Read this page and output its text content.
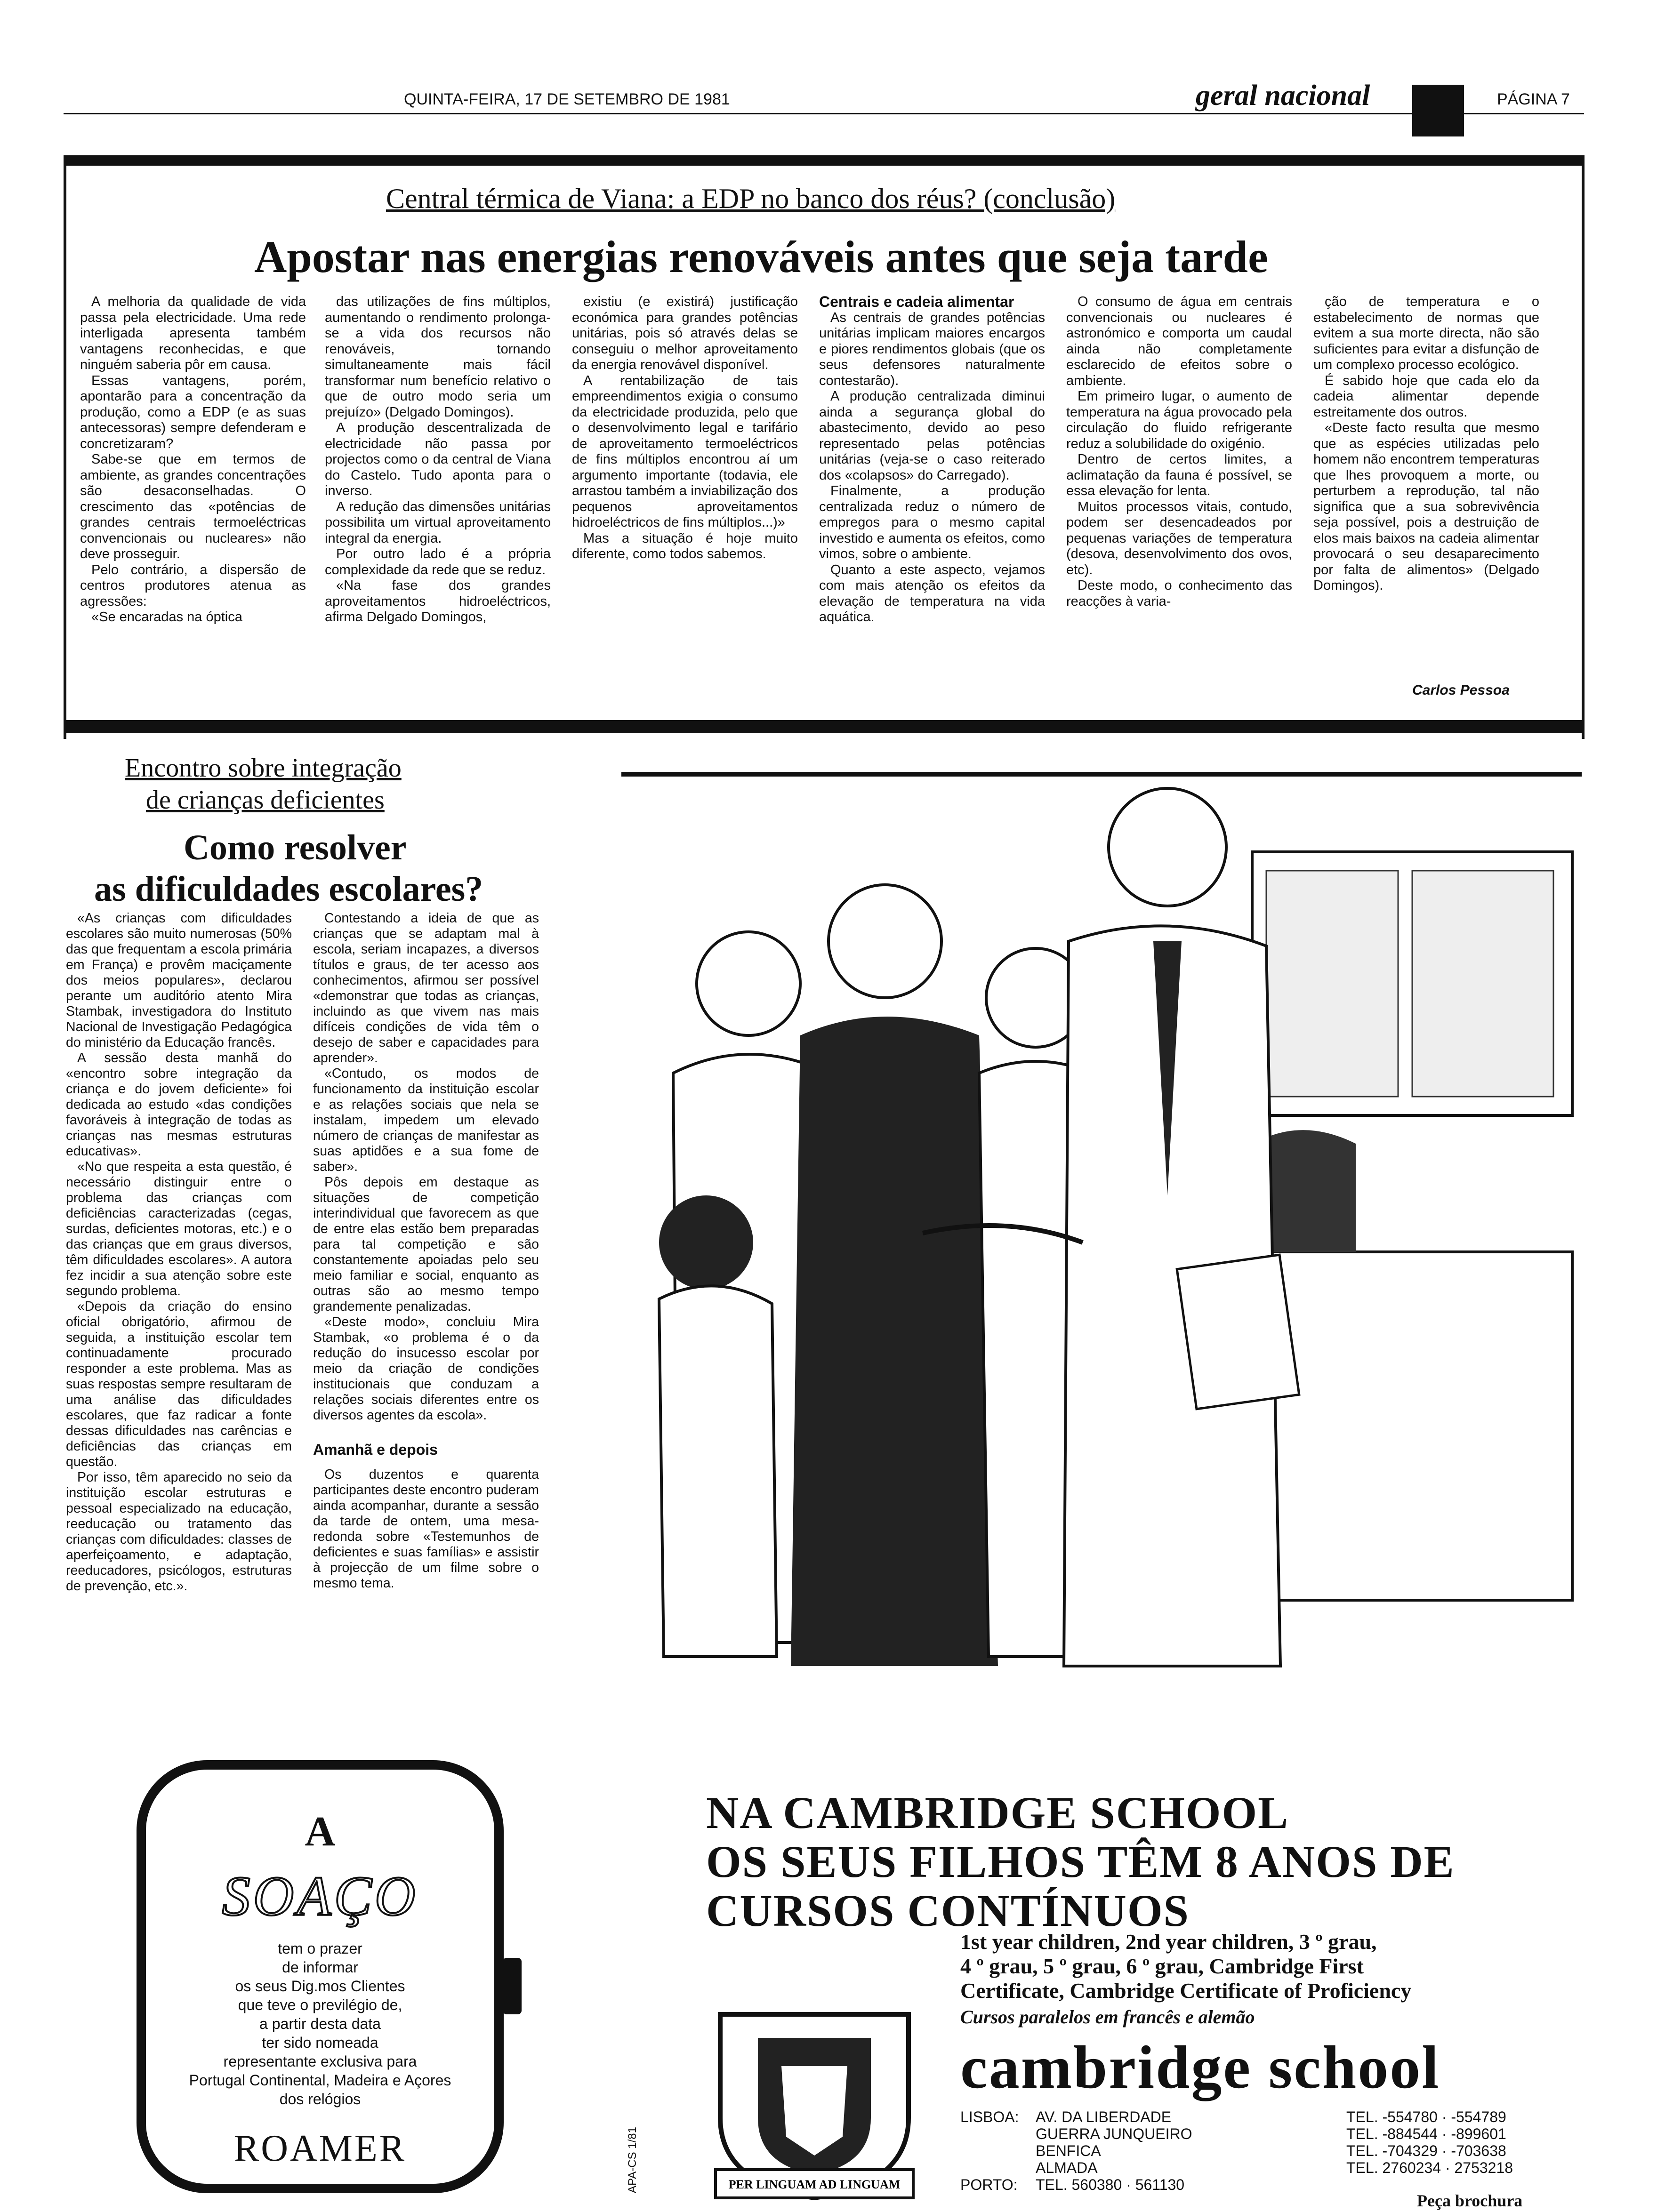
QUINTA-FEIRA, 17 DE SETEMBRO DE 1981	geral nacional	PÁGINA 7
Central térmica de Viana: a EDP no banco dos réus? (conclusão)
Apostar nas energias renováveis antes que seja tarde

A melhoria da qualidade de vida passa pela electricidade. Uma rede interligada apresenta também vantagens reconhecidas, e que ninguém saberia pôr em causa.

Essas vantagens, porém, apontarão para a concentração da produção, como a EDP (e as suas antecessoras) sempre defenderam e concretizaram?

Sabe-se que em termos de ambiente, as grandes concentrações são desaconselhadas. O crescimento das «potências de grandes centrais termoeléctricas convencionais ou nucleares» não deve prosseguir.

Pelo contrário, a dispersão de centros produtores atenua as agressões:

«Se encaradas na óptica

das utilizações de fins múltiplos, aumentando o rendimento prolonga-se a vida dos recursos não renováveis, tornando simultaneamente mais fácil transformar num benefício relativo o que de outro modo seria um prejuízo» (Delgado Domingos).

A produção descentralizada de electricidade não passa por projectos como o da central de Viana do Castelo. Tudo aponta para o inverso.

A redução das dimensões unitárias possibilita um virtual aproveitamento integral da energia.

Por outro lado é a própria complexidade da rede que se reduz.

«Na fase dos grandes aproveitamentos hidroeléctricos, afirma Delgado Domingos,

existiu (e existirá) justificação económica para grandes potências unitárias, pois só através delas se conseguiu o melhor aproveitamento da energia renovável disponível.

A rentabilização de tais empreendimentos exigia o consumo da electricidade produzida, pelo que o desenvolvimento legal e tarifário de aproveitamento termoeléctricos de fins múltiplos encontrou aí um argumento importante (todavia, ele arrastou também a inviabilização dos pequenos aproveitamentos hidroeléctricos de fins múltiplos...)»

Mas a situação é hoje muito diferente, como todos sabemos.

Centrais e cadeia alimentar

As centrais de grandes potências unitárias implicam maiores encargos e piores rendimentos globais (que os seus defensores naturalmente contestarão).

A produção centralizada diminui ainda a segurança global do abastecimento, devido ao peso representado pelas potências unitárias (veja-se o caso reiterado dos «colapsos» do Carregado).

Finalmente, a produção centralizada reduz o número de empregos para o mesmo capital investido e aumenta os efeitos, como vimos, sobre o ambiente.

Quanto a este aspecto, vejamos com mais atenção os efeitos da elevação de temperatura na vida aquática.

O consumo de água em centrais convencionais ou nucleares é astronómico e comporta um caudal ainda não completamente esclarecido de efeitos sobre o ambiente.

Em primeiro lugar, o aumento de temperatura na água provocado pela circulação do fluido refrigerante reduz a solubilidade do oxigénio.

Dentro de certos limites, a aclimatação da fauna é possível, se essa elevação for lenta.

Muitos processos vitais, contudo, podem ser desencadeados por pequenas variações de temperatura (desova, desenvolvimento dos ovos, etc).

Deste modo, o conhecimento das reacções à varia-

ção de temperatura e o estabelecimento de normas que evitem a sua morte directa, não são suficientes para evitar a disfunção de um complexo processo ecológico.

É sabido hoje que cada elo da cadeia alimentar depende estreitamente dos outros.

«Deste facto resulta que mesmo que as espécies utilizadas pelo homem não encontrem temperaturas que lhes provoquem a morte, ou perturbem a reprodução, tal não significa que a sua sobrevivência seja possível, pois a destruição de elos mais baixos na cadeia alimentar provocará o seu desaparecimento por falta de alimentos» (Delgado Domingos).

Carlos Pessoa
Encontro sobre integração
de crianças deficientes
Como resolver
as dificuldades escolares?

«As crianças com dificuldades escolares são muito numerosas (50% das que frequentam a escola primária em França) e provêm maciçamente dos meios populares», declarou perante um auditório atento Mira Stambak, investigadora do Instituto Nacional de Investigação Pedagógica do ministério da Educação francês.

A sessão desta manhã do «encontro sobre integração da criança e do jovem deficiente» foi dedicada ao estudo «das condições favoráveis à integração de todas as crianças nas mesmas estruturas educativas».

«No que respeita a esta questão, é necessário distinguir entre o problema das crianças com deficiências caracterizadas (cegas, surdas, deficientes motoras, etc.) e o das crianças que em graus diversos, têm dificuldades escolares». A autora fez incidir a sua atenção sobre este segundo problema.

«Depois da criação do ensino oficial obrigatório, afirmou de seguida, a instituição escolar tem continuadamente procurado responder a este problema. Mas as suas respostas sempre resultaram de uma análise das dificuldades escolares, que faz radicar a fonte dessas dificuldades nas carências e deficiências das crianças em questão.

Por isso, têm aparecido no seio da instituição escolar estruturas e pessoal especializado na educação, reeducação ou tratamento das crianças com dificuldades: classes de aperfeiçoamento, e adaptação, reeducadores, psicólogos, estruturas de prevenção, etc.».

Contestando a ideia de que as crianças que se adaptam mal à escola, seriam incapazes, a diversos títulos e graus, de ter acesso aos conhecimentos, afirmou ser possível «demonstrar que todas as crianças, incluindo as que vivem nas mais difíceis condições de vida têm o desejo de saber e capacidades para aprender».

«Contudo, os modos de funcionamento da instituição escolar e as relações sociais que nela se instalam, impedem um elevado número de crianças de manifestar as suas aptidões e a sua fome de saber».

Pôs depois em destaque as situações de competição interindividual que favorecem as que de entre elas estão bem preparadas para tal competição e são constantemente apoiadas pelo seu meio familiar e social, enquanto as outras são ao mesmo tempo grandemente penalizadas.

«Deste modo», concluiu Mira Stambak, «o problema é o da redução do insucesso escolar por meio da criação de condições institucionais que conduzam a relações sociais diferentes entre os diversos agentes da escola».

Amanhã e depois

Os duzentos e quarenta participantes deste encontro puderam ainda acompanhar, durante a sessão da tarde de ontem, uma mesa-redonda sobre «Testemunhos de deficientes e suas famílias» e assistir à projecção de um filme sobre o mesmo tema.

A
SOAÇO
tem o prazer
de informar
os seus Dig.mos Clientes
que teve o previlégio de,
a partir desta data
ter sido nomeada
representante exclusiva para
Portugal Continental, Madeira e Açores
dos relógios
ROAMER
NA CAMBRIDGE SCHOOL
OS SEUS FILHOS TÊM 8 ANOS DE
CURSOS CONTÍNUOS
1st year children, 2nd year children, 3 º grau,
4 º grau, 5 º grau, 6 º grau, Cambridge First
Certificate, Cambridge Certificate of Proficiency
Cursos paralelos em francês e alemão
PER LINGUAM AD LINGUAM
APA-CS 1/81
cambridge school
LISBOA:	AV. DA LIBERDADE	TEL. -554780 · -554789
GUERRA JUNQUEIRO	TEL. -884544 · -899601
BENFICA	TEL. -704329 · -703638
ALMADA	TEL. 2760234 · 2753218
PORTO:	TEL. 560380 · 561130
Peça brochura
